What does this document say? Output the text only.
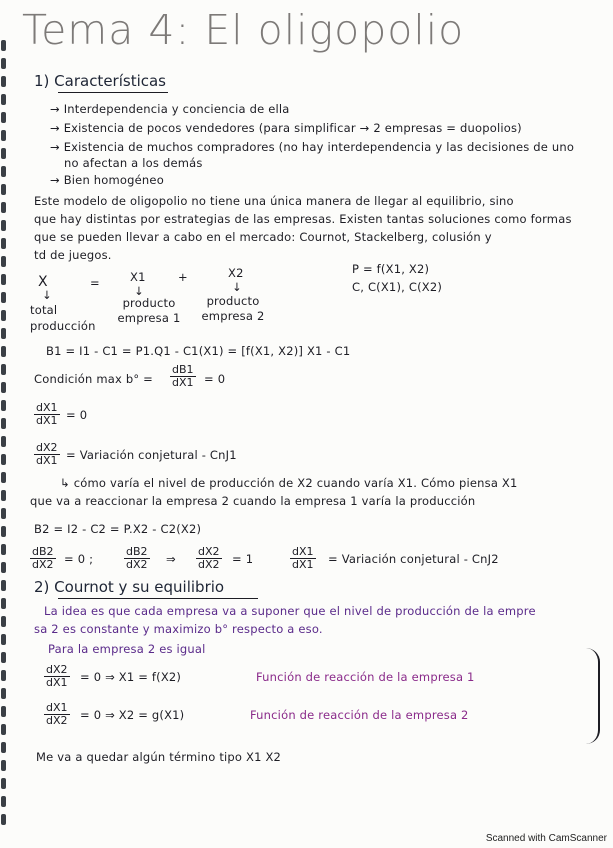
Tema 4: El oligopolio
1) Características
→ Interdependencia y conciencia de ella
→ Existencia de pocos vendedores (para simplificar → 2 empresas = duopolios)
→ Existencia de muchos compradores (no hay interdependencia y las decisiones de uno
no afectan a los demás
→ Bien homogéneo
Este modelo de oligopolio no tiene una única manera de llegar al equilibrio, sino
que hay distintas por estrategias de las empresas. Existen tantas soluciones como formas
que se pueden llevar a cabo en el mercado: Cournot, Stackelberg, colusión y
td de juegos.
X	=	X1	+	X2
↓	↓	↓
total producción
producto empresa 1
producto empresa 2
P = f(X1, X2)
C, C(X1), C(X2)
B1 = I1 - C1 = P1.Q1 - C1(X1) = [f(X1, X2)] X1 - C1
Condición $\max b^\circ = \frac{dB1}{dX1} = 0$
$\frac{dX1}{dX1} = 0$
$\frac{dX2}{dX1}$ = Variación conjetural - CnJ1
↳ cómo varía el nivel de producción de X2 cuando varía X1. Cómo piensa X1
que va a reaccionar la empresa 2 cuando la empresa 1 varía la producción
B2 = I2 - C2 = P.X2 - C2(X2)
$\frac{dB2}{dX2} = 0$ ;	$\frac{dB2}{dX2}$ ⇒ $\frac{dX2}{dX2} = 1$	$\frac{dX1}{dX1}$ = Variación conjetural - CnJ2
2) Cournot y su equilibrio
La idea es que cada empresa va a suponer que el nivel de producción de la empre
sa 2 es constante y maximizo b° respecto a eso.
Para la empresa 2 es igual
$\frac{dX2}{dX1} = 0$ ⇒ X1 = f(X2)	Función de reacción de la empresa 1
$\frac{dX1}{dX2} = 0$ ⇒ X2 = g(X1)	Función de reacción de la empresa 2
Me va a quedar algún término tipo X1 X2
Scanned with CamScanner
